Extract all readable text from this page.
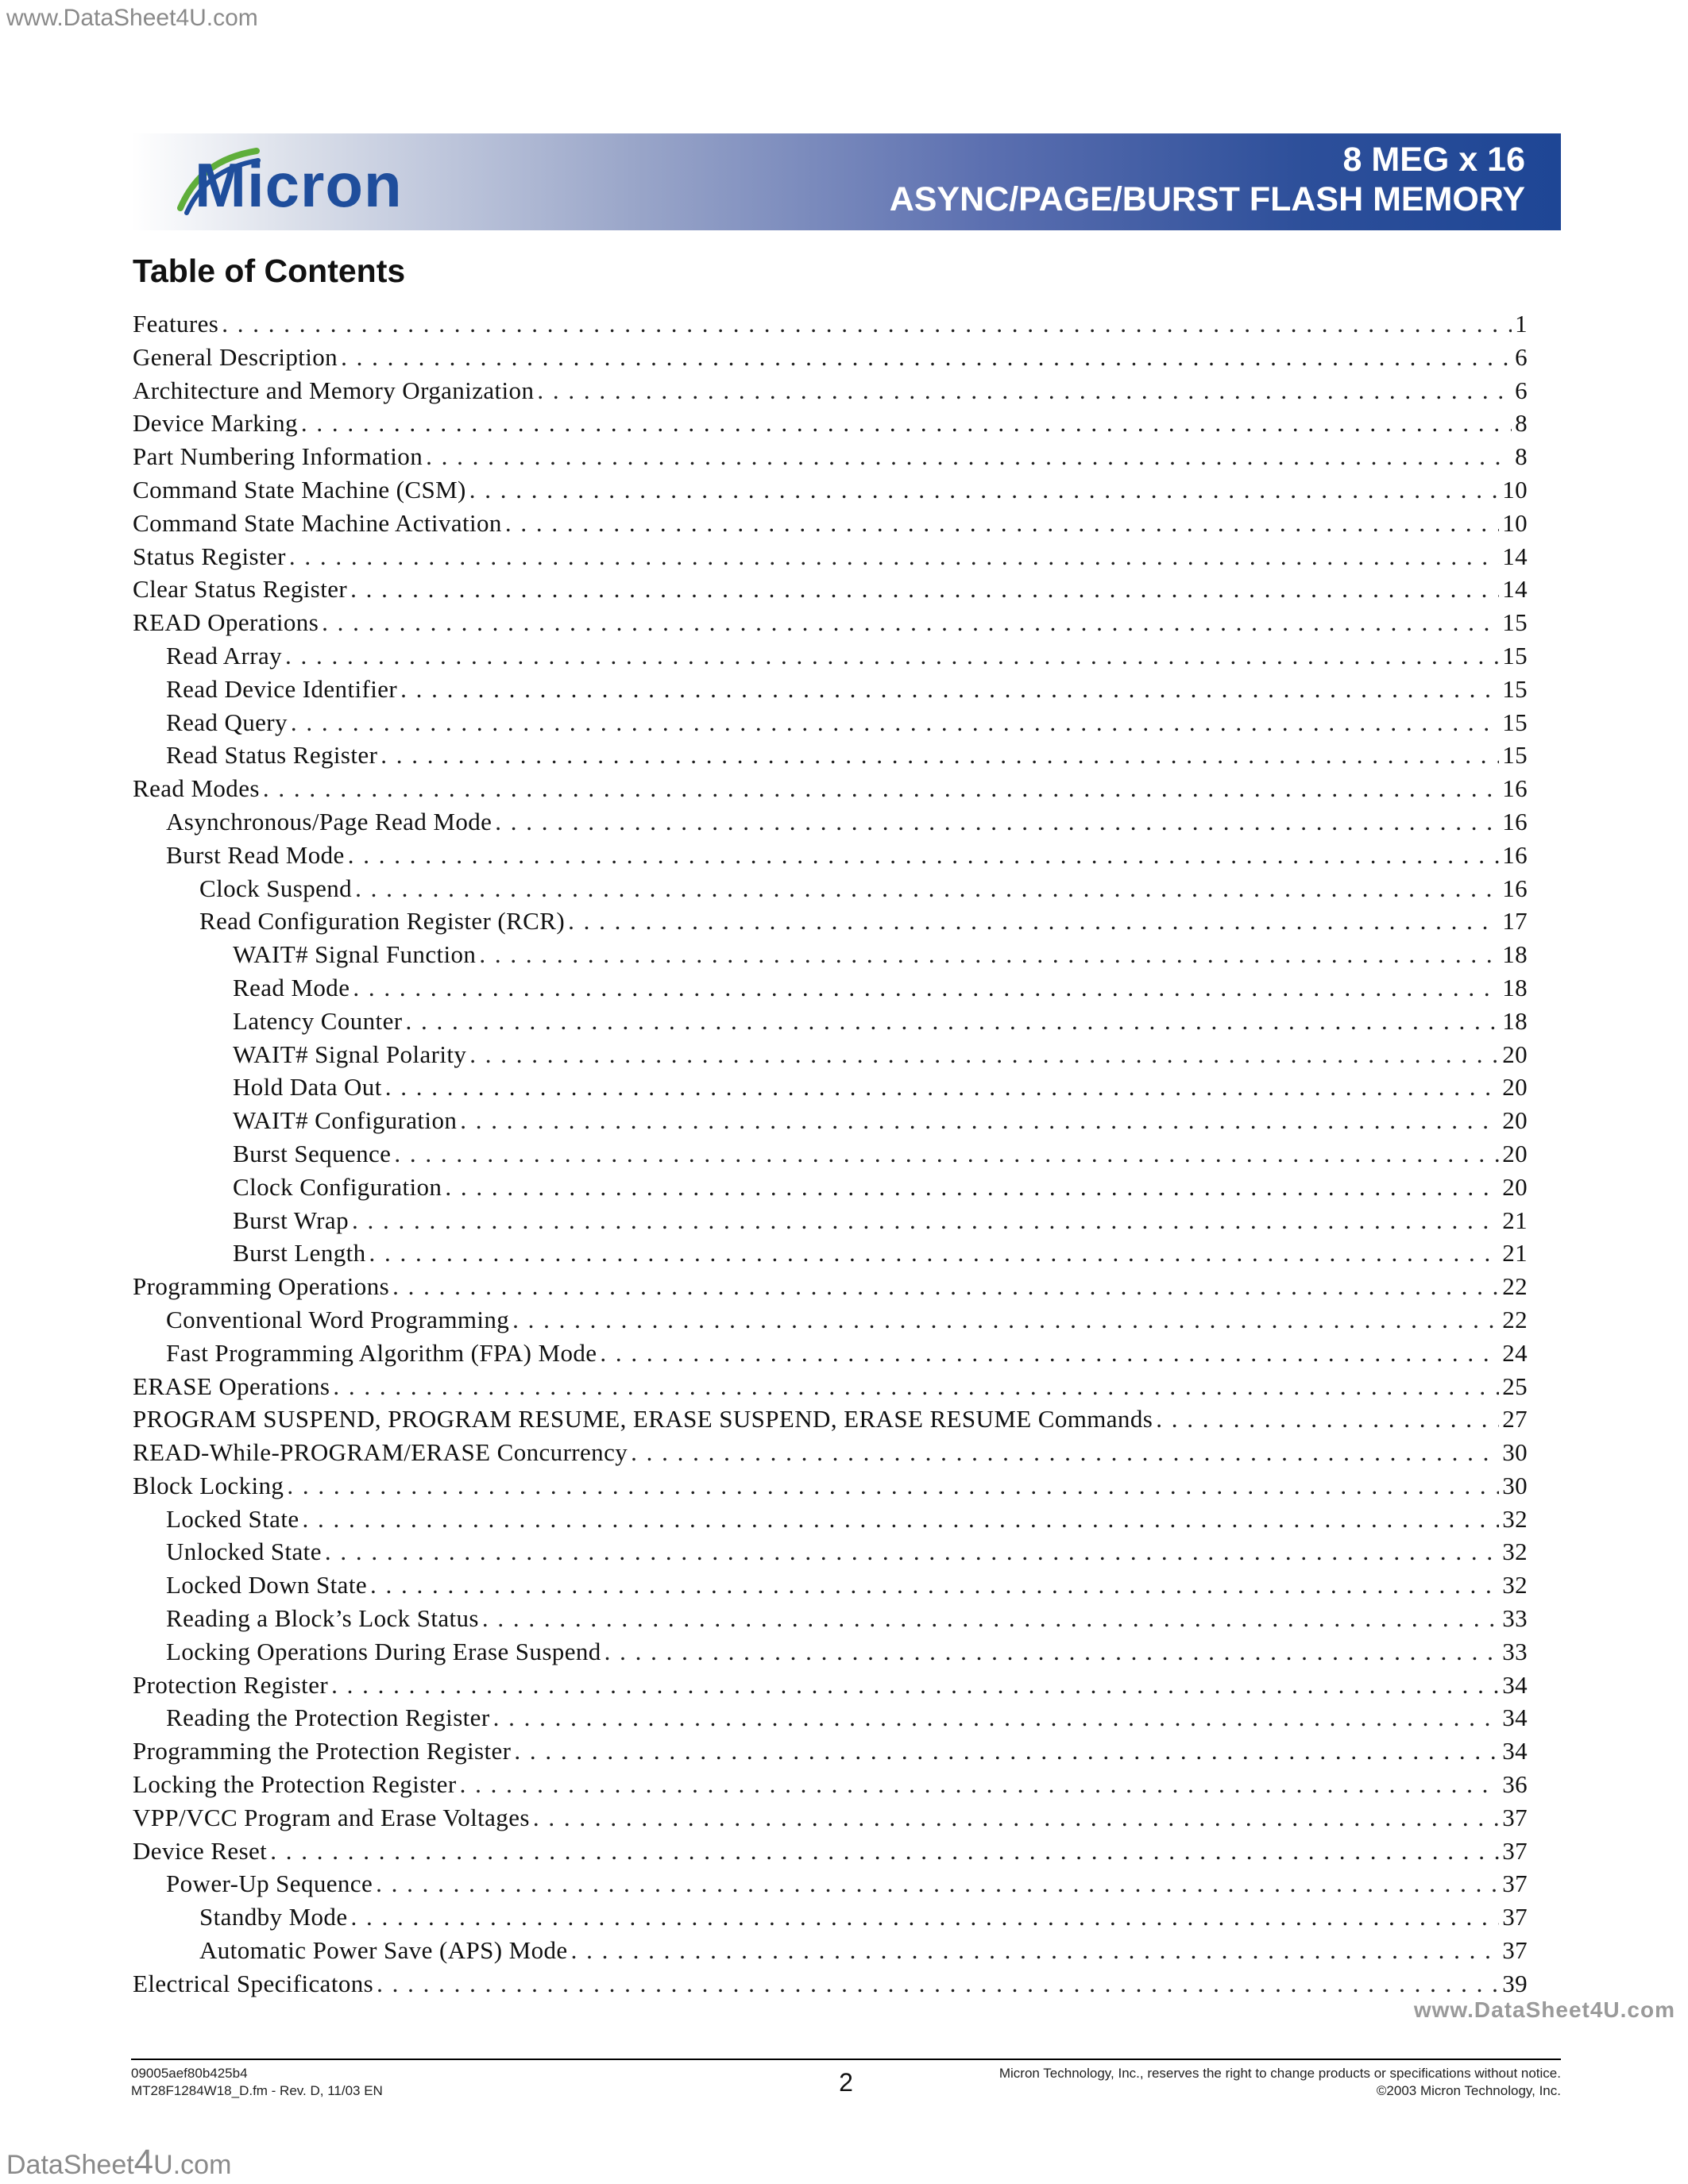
www.DataSheet4U.com
Micron	8 MEG x 16
ASYNC/PAGE/BURST FLASH MEMORY
Table of Contents
Features . . .	1
General Description . . .	6
Architecture and Memory Organization . . .	6
Device Marking . . .	8
Part Numbering Information . . .	8
Command State Machine (CSM) . . .	10
Command State Machine Activation . . .	10
Status Register . . .	14
Clear Status Register . . .	14
READ Operations . . .	15
Read Array . . .	15
Read Device Identifier . . .	15
Read Query . . .	15
Read Status Register . . .	15
Read Modes . . .	16
Asynchronous/Page Read Mode . . .	16
Burst Read Mode . . .	16
Clock Suspend . . .	16
Read Configuration Register (RCR) . . .	17
WAIT# Signal Function . . .	18
Read Mode . . .	18
Latency Counter . . .	18
WAIT# Signal Polarity . . .	20
Hold Data Out . . .	20
WAIT# Configuration . . .	20
Burst Sequence . . .	20
Clock Configuration . . .	20
Burst Wrap . . .	21
Burst Length . . .	21
Programming Operations . . .	22
Conventional Word Programming . . .	22
Fast Programming Algorithm (FPA) Mode . . .	24
ERASE Operations . . .	25
PROGRAM SUSPEND, PROGRAM RESUME, ERASE SUSPEND, ERASE RESUME Commands . . .	27
READ-While-PROGRAM/ERASE Concurrency . . .	30
Block Locking . . .	30
Locked State . . .	32
Unlocked State . . .	32
Locked Down State . . .	32
Reading a Block’s Lock Status . . .	33
Locking Operations During Erase Suspend . . .	33
Protection Register . . .	34
Reading the Protection Register . . .	34
Programming the Protection Register . . .	34
Locking the Protection Register . . .	36
VPP/VCC Program and Erase Voltages . . .	37
Device Reset . . .	37
Power-Up Sequence . . .	37
Standby Mode . . .	37
Automatic Power Save (APS) Mode . . .	37
Electrical Specificatons . . .	39
www.DataSheet4U.com
09005aef80b425b4
MT28F1284W18_D.fm - Rev. D, 11/03 EN	2	Micron Technology, Inc., reserves the right to change products or specifications without notice.
©2003 Micron Technology, Inc.
DataSheet4U.com
